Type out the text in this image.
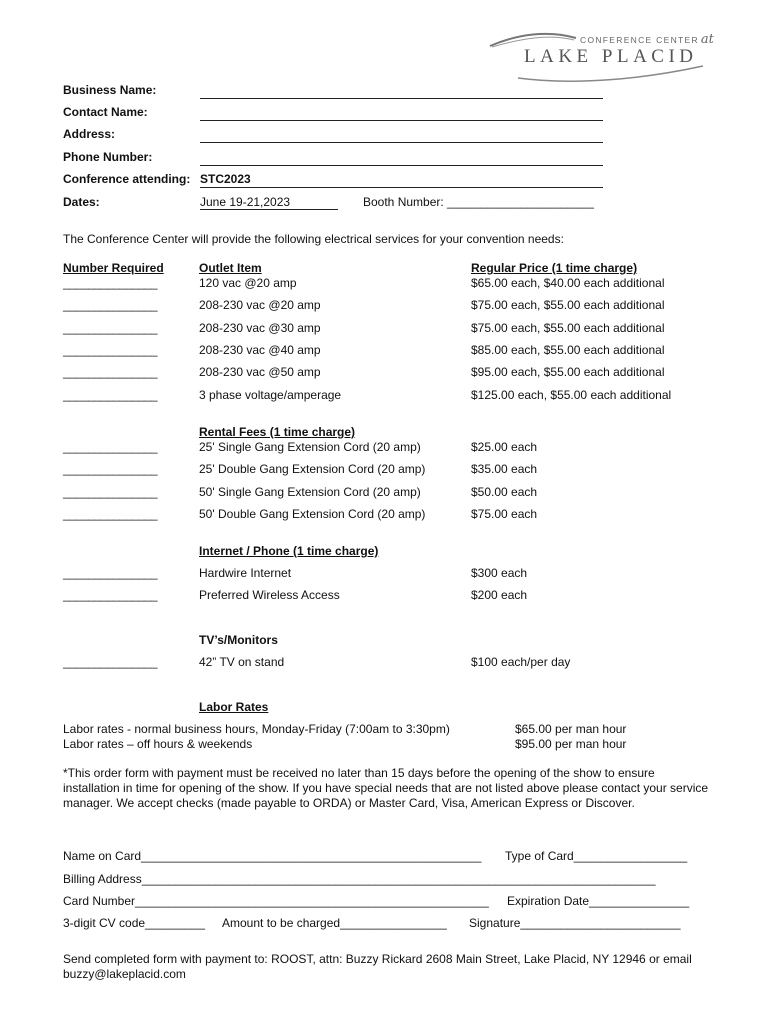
CONFERENCE CENTER at
LAKE PLACID
Business Name:
Contact Name:
Address:
Phone Number:
Conference attending: STC2023
Dates:	June 19-21,2023	Booth Number: ______________________
The Conference Center will provide the following electrical services for your convention needs:
Number Required	Outlet Item	Regular Price (1 time charge)
_______________	120 vac @20 amp	$65.00 each, $40.00 each additional
_______________	208-230 vac @20 amp	$75.00 each, $55.00 each additional
_______________	208-230 vac @30 amp	$75.00 each, $55.00 each additional
_______________	208-230 vac @40 amp	$85.00 each, $55.00 each additional
_______________	208-230 vac @50 amp	$95.00 each, $55.00 each additional
_______________	3 phase voltage/amperage	$125.00 each, $55.00 each additional
Rental Fees (1 time charge)
_______________	25' Single Gang Extension Cord (20 amp)	$25.00 each
_______________	25' Double Gang Extension Cord (20 amp)	$35.00 each
_______________	50' Single Gang Extension Cord (20 amp)	$50.00 each
_______________	50' Double Gang Extension Cord (20 amp)	$75.00 each
Internet / Phone (1 time charge)
_______________	Hardwire Internet	$300 each
_______________	Preferred Wireless Access	$200 each
TV’s/Monitors
_______________	42” TV on stand	$100 each/per day
Labor Rates
Labor rates - normal business hours, Monday-Friday (7:00am to 3:30pm)	$65.00 per man hour
Labor rates – off hours & weekends	$95.00 per man hour
*This order form with payment must be received no later than 15 days before the opening of the show to ensure installation in time for opening of the show. If you have special needs that are not listed above please contact your service manager. We accept checks (made payable to ORDA) or Master Card, Visa, American Express or Discover.
Name on Card___________________________________________________ Type of Card_________________
Billing Address_____________________________________________________________________________
Card Number_____________________________________________________ Expiration Date_______________
3-digit CV code_________ Amount to be charged________________ Signature________________________
Send completed form with payment to: ROOST, attn: Buzzy Rickard 2608 Main Street, Lake Placid, NY 12946 or email buzzy@lakeplacid.com
